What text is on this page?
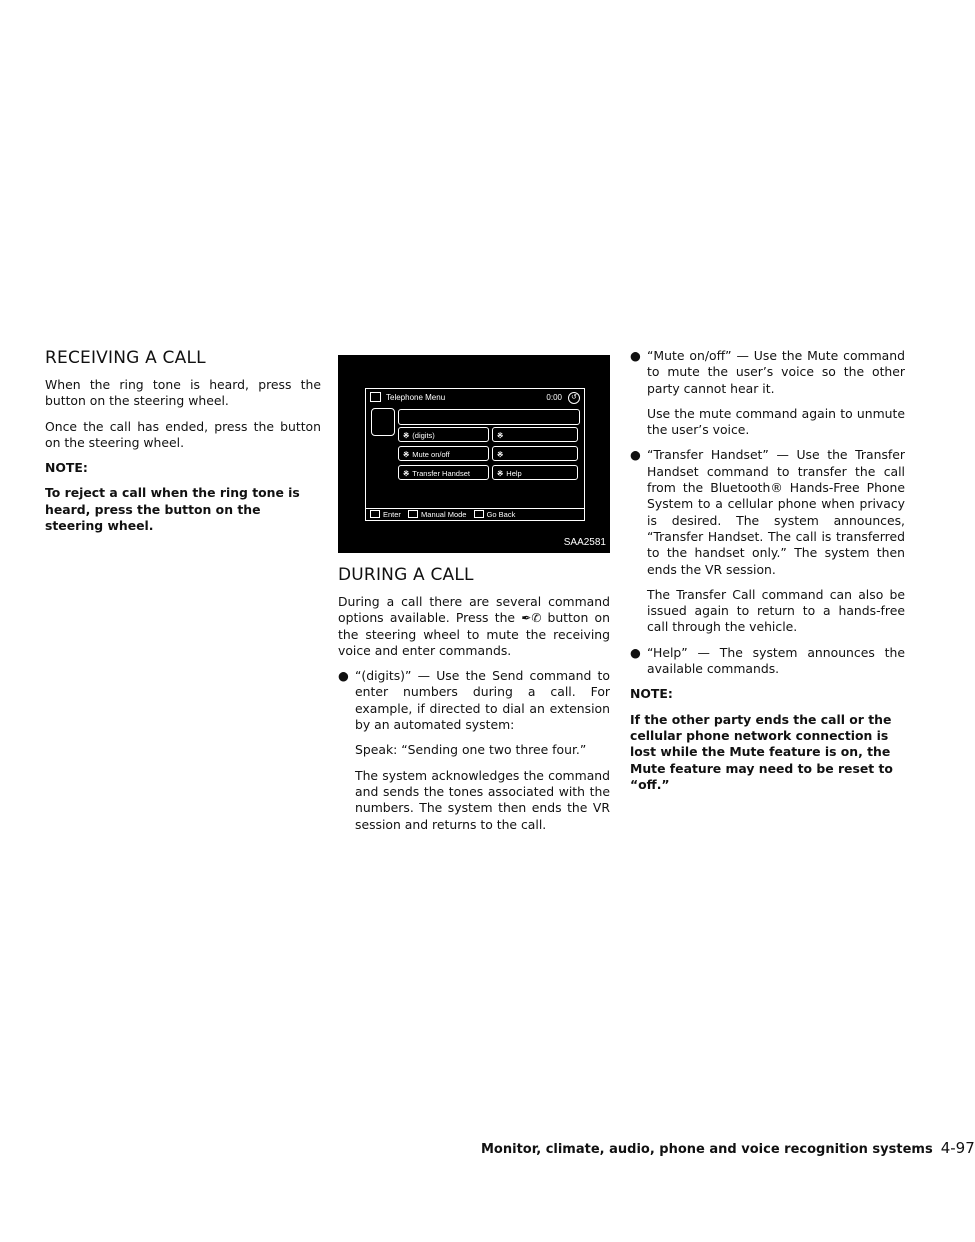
RECEIVING A CALL

When the ring tone is heard, press the button on the steering wheel.

Once the call has ended, press the button on the steering wheel.

NOTE:

To reject a call when the ring tone is heard, press the button on the steering wheel.

Telephone Menu	0:00	↺
※ (digits)	※
※ Mute on/off	※
※ Transfer Handset	※ Help
Enter	Manual Mode	Go Back
SAA2581
DURING A CALL

During a call there are several command options available. Press the ✒✆ button on the steering wheel to mute the receiving voice and enter commands.

● “(digits)” — Use the Send command to enter numbers during a call. For example, if directed to dial an extension by an automated system:

Speak: “Sending one two three four.”

The system acknowledges the command and sends the tones associated with the numbers. The system then ends the VR session and returns to the call.

● “Mute on/off” — Use the Mute command to mute the user’s voice so the other party cannot hear it.

Use the mute command again to unmute the user’s voice.

● “Transfer Handset” — Use the Transfer Handset command to transfer the call from the Bluetooth® Hands-Free Phone System to a cellular phone when privacy is desired. The system announces, “Transfer Handset. The call is transferred to the handset only.” The system then ends the VR session.

The Transfer Call command can also be issued again to return to a hands-free call through the vehicle.

● “Help” — The system announces the available commands.

NOTE:

If the other party ends the call or the cellular phone network connection is lost while the Mute feature is on, the Mute feature may need to be reset to “off.”

Monitor, climate, audio, phone and voice recognition systems 4-97
